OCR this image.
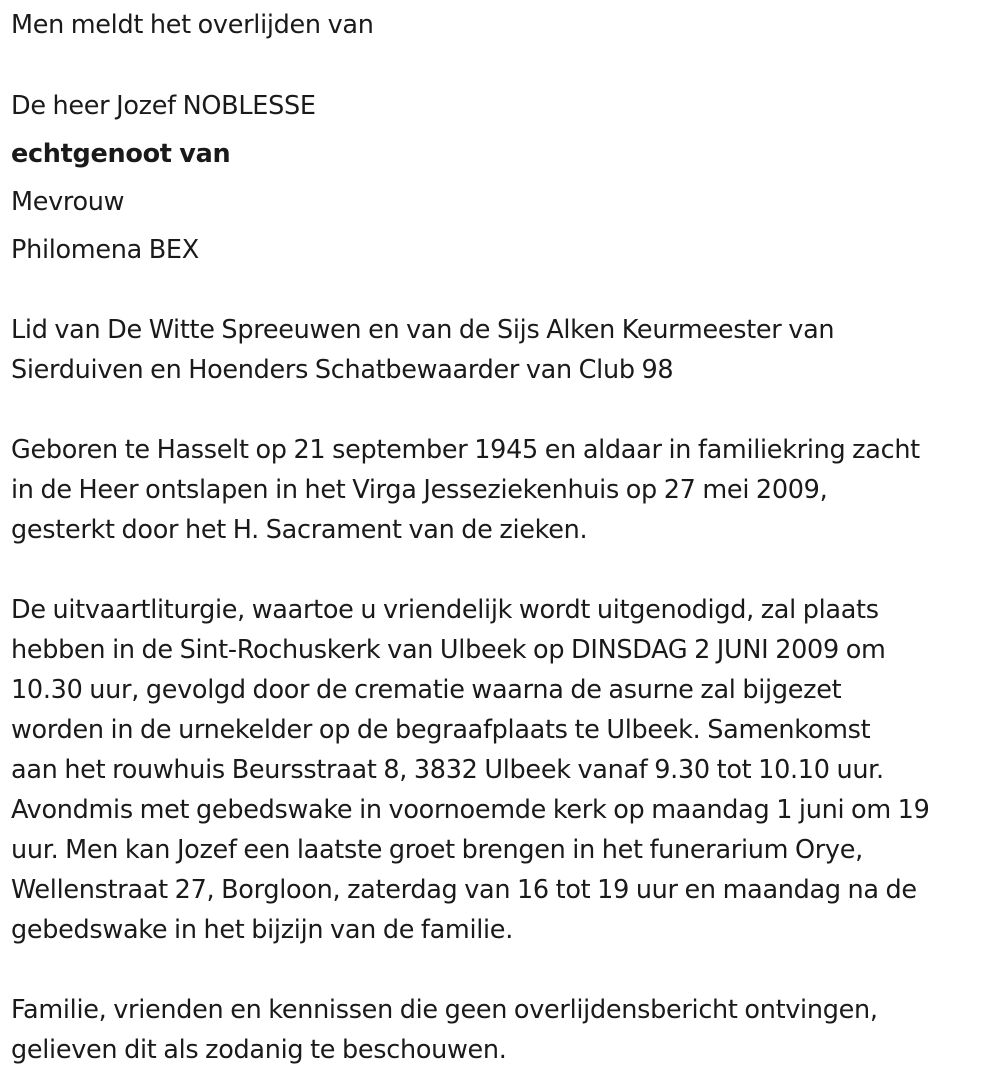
Men meldt het overlijden van
De heer Jozef NOBLESSE
echtgenoot van
Mevrouw
Philomena BEX
Lid van De Witte Spreeuwen en van de Sijs Alken Keurmeester van
Sierduiven en Hoenders Schatbewaarder van Club 98
Geboren te Hasselt op 21 september 1945 en aldaar in familiekring zacht
in de Heer ontslapen in het Virga Jesseziekenhuis op 27 mei 2009,
gesterkt door het H. Sacrament van de zieken.
De uitvaartliturgie, waartoe u vriendelijk wordt uitgenodigd, zal plaats
hebben in de Sint-Rochuskerk van Ulbeek op DINSDAG 2 JUNI 2009 om
10.30 uur, gevolgd door de crematie waarna de asurne zal bijgezet
worden in de urnekelder op de begraafplaats te Ulbeek. Samenkomst
aan het rouwhuis Beursstraat 8, 3832 Ulbeek vanaf 9.30 tot 10.10 uur.
Avondmis met gebedswake in voornoemde kerk op maandag 1 juni om 19
uur. Men kan Jozef een laatste groet brengen in het funerarium Orye,
Wellenstraat 27, Borgloon, zaterdag van 16 tot 19 uur en maandag na de
gebedswake in het bijzijn van de familie.
Familie, vrienden en kennissen die geen overlijdensbericht ontvingen,
gelieven dit als zodanig te beschouwen.
